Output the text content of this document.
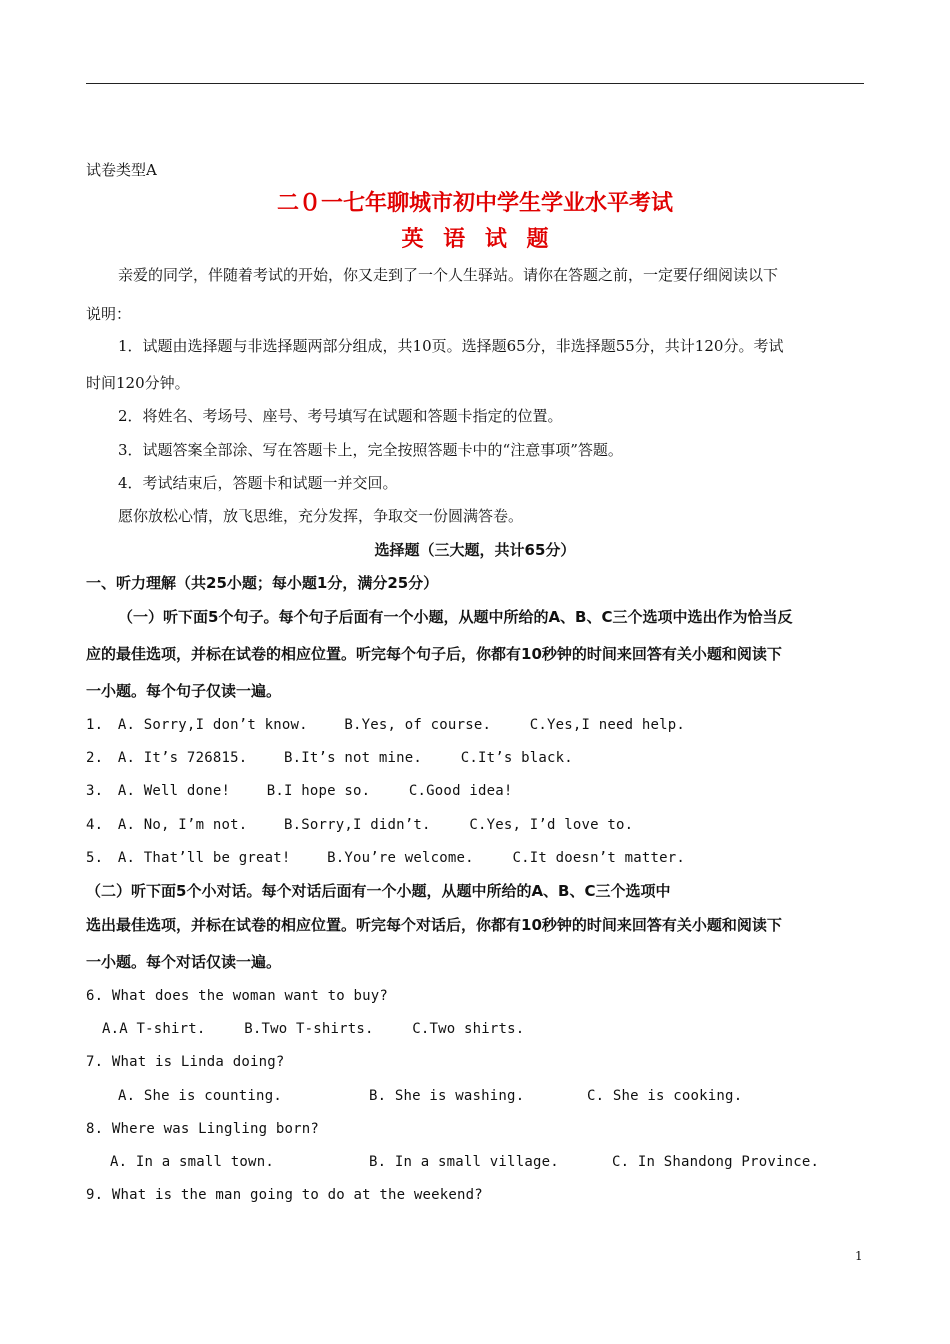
试卷类型A
二０一七年聊城市初中学生学业水平考试
英 语 试 题
亲爱的同学，伴随着考试的开始，你又走到了一个人生驿站。请你在答题之前，一定要仔细阅读以下
说明：
1．试题由选择题与非选择题两部分组成，共10页。选择题65分，非选择题55分，共计120分。考试
时间120分钟。
2．将姓名、考场号、座号、考号填写在试题和答题卡指定的位置。
3．试题答案全部涂、写在答题卡上，完全按照答题卡中的“注意事项”答题。
4．考试结束后，答题卡和试题一并交回。
愿你放松心情，放飞思维，充分发挥，争取交一份圆满答卷。
选择题（三大题，共计65分）
一、听力理解（共25小题；每小题1分，满分25分）
（一）听下面5个句子。每个句子后面有一个小题，从题中所给的A、B、C三个选项中选出作为恰当反
应的最佳选项，并标在试卷的相应位置。听完每个句子后，你都有10秒钟的时间来回答有关小题和阅读下
一小题。每个句子仅读一遍。
1. A. Sorry,I don’t know.	B.Yes, of course.	C.Yes,I need help.
2. A. It’s 726815.	B.It’s not mine.	C.It’s black.
3. A. Well done!	B.I hope so.	C.Good idea!
4. A. No, I’m not.	B.Sorry,I didn’t.	C.Yes, I’d love to.
5. A. That’ll be great!	B.You’re welcome.	C.It doesn’t matter.
（二）听下面5个小对话。每个对话后面有一个小题，从题中所给的A、B、C三个选项中
选出最佳选项，并标在试卷的相应位置。听完每个对话后，你都有10秒钟的时间来回答有关小题和阅读下
一小题。每个对话仅读一遍。
6. What does the woman want to buy?
A.A T-shirt.	B.Two T-shirts.	C.Two shirts.
7. What is Linda doing?
A. She is counting.	B. She is washing.	C. She is cooking.
8. Where was Lingling born?
A. In a small town.	B. In a small village.	C. In Shandong Province.
9. What is the man going to do at the weekend?
1
